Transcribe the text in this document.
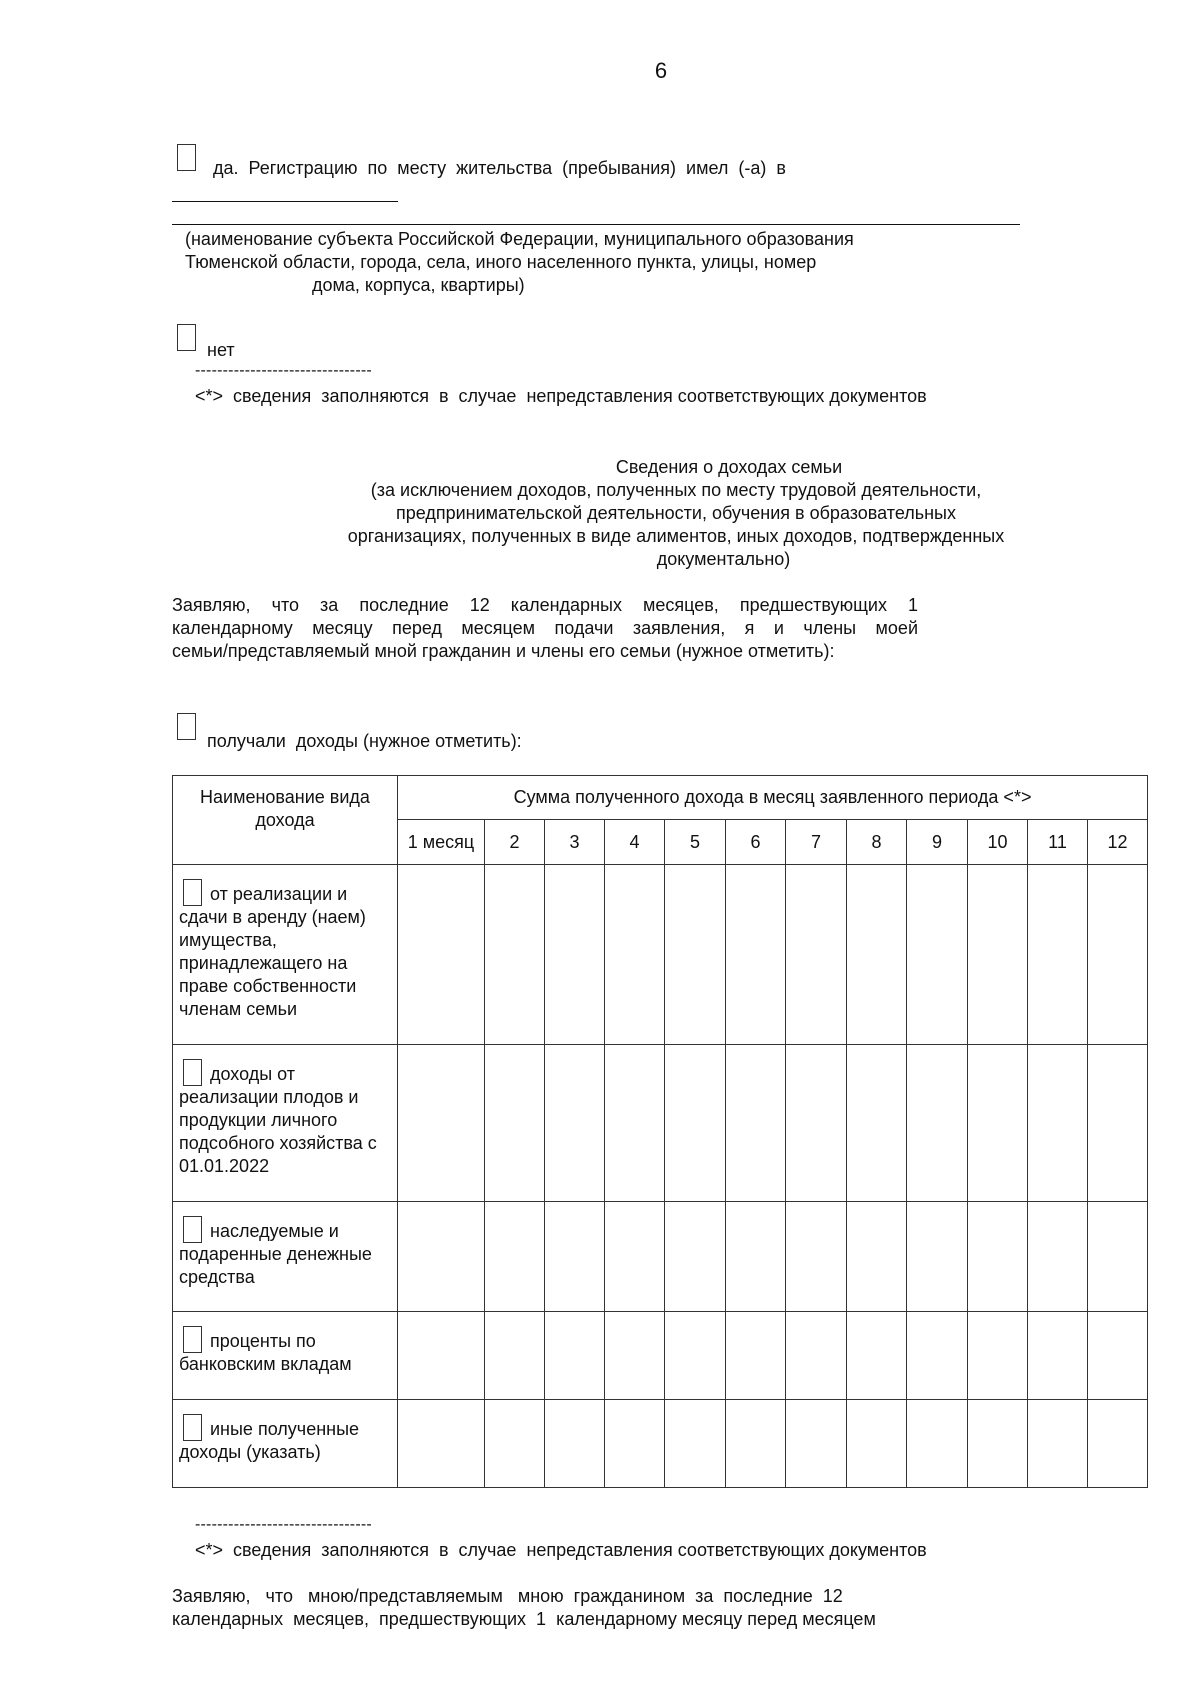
6
да.  Регистрацию  по  месту  жительства  (пребывания)  имел  (-а)  в
(наименование субъекта Российской Федерации, муниципального образования
Тюменской области, города, села, иного населенного пункта, улицы, номер
дома, корпуса, квартиры)
нет
--------------------------------
<*>  сведения  заполняются  в  случае  непредставления соответствующих документов
Сведения о доходах семьи
(за исключением доходов, полученных по месту трудовой деятельности,
предпринимательской деятельности, обучения в образовательных
организациях, полученных в виде алиментов, иных доходов, подтвержденных
документально)
Заявляю, что за последние 12 календарных месяцев, предшествующих 1
календарному месяцу перед месяцем подачи заявления, я и члены моей
семьи/представляемый мной гражданин и члены его семьи (нужное отметить):
получали  доходы (нужное отметить):
Наименование вида дохода	Сумма полученного дохода в месяц заявленного периода <*>											
	1 месяц	2	3	4	5	6	7	8	9	10	11	12
от реализации и сдачи в аренду (наем) имущества, принадлежащего на праве собственности членам семьи												
доходы от реализации плодов и продукции личного подсобного хозяйства с 01.01.2022												
наследуемые и подаренные денежные средства												
проценты по банковским вкладам												
иные полученные доходы (указать)												
--------------------------------
<*>  сведения  заполняются  в  случае  непредставления соответствующих документов
Заявляю,   что   мною/представляемым   мною  гражданином  за  последние  12
календарных  месяцев,  предшествующих  1  календарному месяцу перед месяцем
